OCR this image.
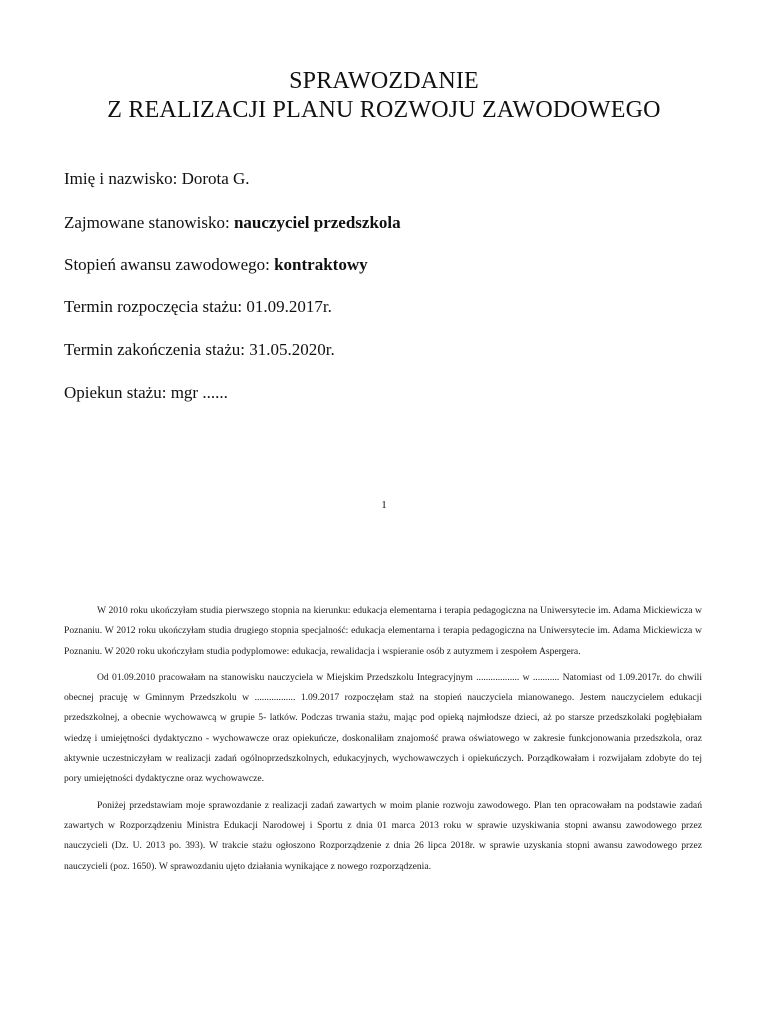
SPRAWOZDANIE
Z REALIZACJI PLANU ROZWOJU ZAWODOWEGO
Imię i nazwisko: Dorota G.
Zajmowane stanowisko: nauczyciel przedszkola
Stopień awansu zawodowego: kontraktowy
Termin rozpoczęcia stażu: 01.09.2017r.
Termin zakończenia stażu: 31.05.2020r.
Opiekun stażu: mgr ......
1

W 2010 roku ukończyłam studia pierwszego stopnia na kierunku: edukacja elementarna i terapia pedagogiczna na Uniwersytecie im. Adama Mickiewicza w Poznaniu. W 2012 roku ukończyłam studia drugiego stopnia specjalność: edukacja elementarna i terapia pedagogiczna na Uniwersytecie im. Adama Mickiewicza w Poznaniu. W 2020 roku ukończyłam studia podyplomowe: edukacja, rewalidacja i wspieranie osób z autyzmem i zespołem Aspergera.

Od 01.09.2010 pracowałam na stanowisku nauczyciela w Miejskim Przedszkolu Integracyjnym .................. w ........... Natomiast od 1.09.2017r. do chwili obecnej pracuję w Gminnym Przedszkolu w ................. 1.09.2017 rozpoczęłam staż na stopień nauczyciela mianowanego. Jestem nauczycielem edukacji przedszkolnej, a obecnie wychowawcą w grupie 5- latków. Podczas trwania stażu, mając pod opieką najmłodsze dzieci, aż po starsze przedszkolaki pogłębiałam wiedzę i umiejętności dydaktyczno - wychowawcze oraz opiekuńcze, doskonaliłam znajomość prawa oświatowego w zakresie funkcjonowania przedszkola, oraz aktywnie uczestniczyłam w realizacji zadań ogólnoprzedszkolnych, edukacyjnych, wychowawczych i opiekuńczych. Porządkowałam i rozwijałam zdobyte do tej pory umiejętności dydaktyczne oraz wychowawcze.

Poniżej przedstawiam moje sprawozdanie z realizacji zadań zawartych w moim planie rozwoju zawodowego. Plan ten opracowałam na podstawie zadań zawartych w Rozporządzeniu Ministra Edukacji Narodowej i Sportu z dnia 01 marca 2013 roku w sprawie uzyskiwania stopni awansu zawodowego przez nauczycieli (Dz. U. 2013 po. 393). W trakcie stażu ogłoszono Rozporządzenie z dnia 26 lipca 2018r. w sprawie uzyskania stopni awansu zawodowego przez nauczycieli (poz. 1650). W sprawozdaniu ujęto działania wynikające z nowego rozporządzenia.
